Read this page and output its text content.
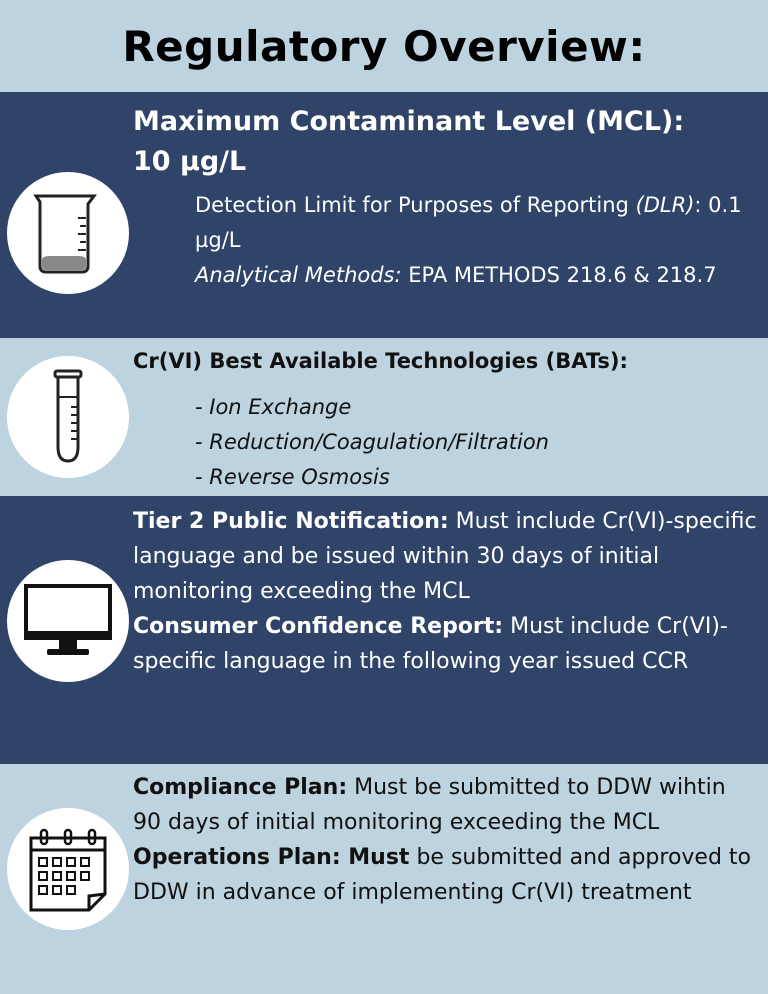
Regulatory Overview:
Maximum Contaminant Level (MCL):
10 µg/L
Detection Limit for Purposes of Reporting (DLR): 0.1 µg/L
Analytical Methods: EPA METHODS 218.6 & 218.7
Cr(VI) Best Available Technologies (BATs):
- Ion Exchange
- Reduction/Coagulation/Filtration
- Reverse Osmosis
Tier 2 Public Notification: Must include Cr(VI)-specific language and be issued within 30 days of initial monitoring exceeding the MCL
Consumer Confidence Report: Must include Cr(VI)-specific language in the following year issued CCR
Compliance Plan: Must be submitted to DDW wihtin 90 days of initial monitoring exceeding the MCL
Operations Plan: Must be submitted and approved to DDW in advance of implementing Cr(VI) treatment
